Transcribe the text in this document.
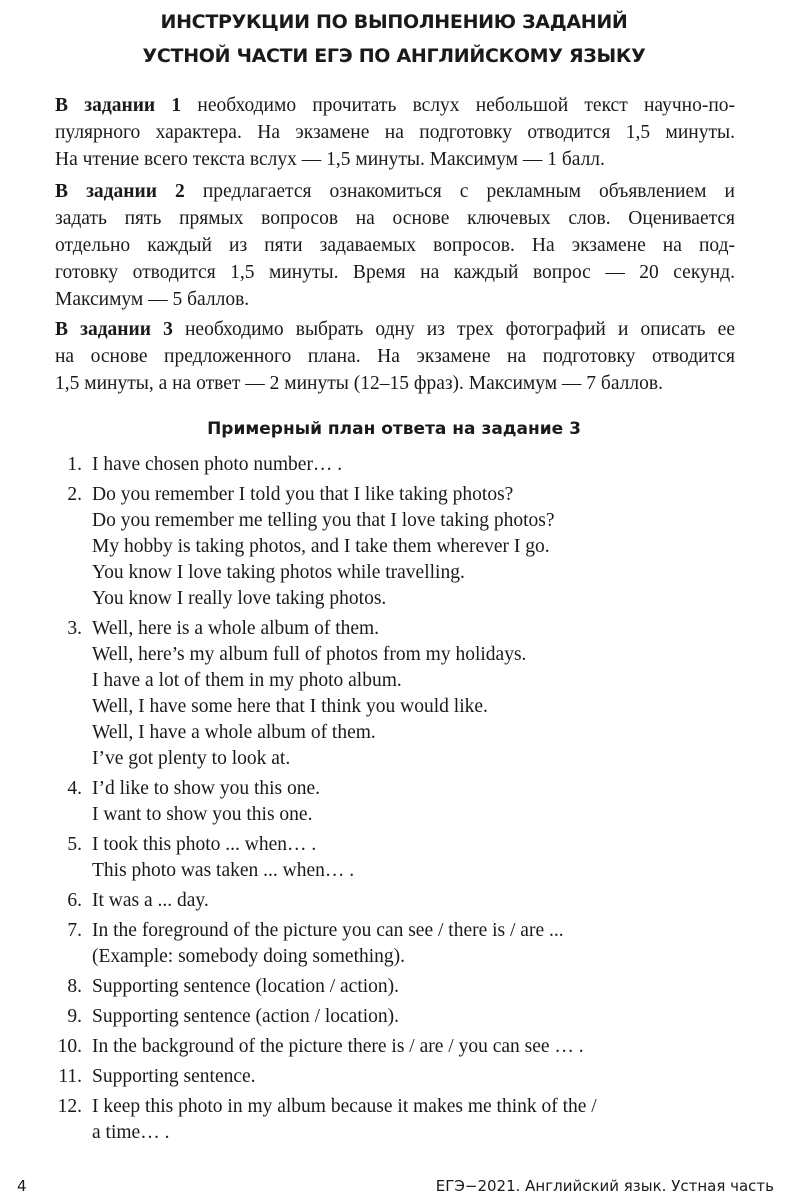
ИНСТРУКЦИИ ПО ВЫПОЛНЕНИЮ ЗАДАНИЙ
УСТНОЙ ЧАСТИ ЕГЭ ПО АНГЛИЙСКОМУ ЯЗЫКУ
В задании 1 необходимо прочитать вслух небольшой текст научно-по-
пулярного характера. На экзамене на подготовку отводится 1,5 минуты.
На чтение всего текста вслух — 1,5 минуты. Максимум — 1 балл.
В задании 2 предлагается ознакомиться с рекламным объявлением и
задать пять прямых вопросов на основе ключевых слов. Оценивается
отдельно каждый из пяти задаваемых вопросов. На экзамене на под-
готовку отводится 1,5 минуты. Время на каждый вопрос — 20 секунд.
Максимум — 5 баллов.
В задании 3 необходимо выбрать одну из трех фотографий и описать ее
на основе предложенного плана. На экзамене на подготовку отводится
1,5 минуты, а на ответ — 2 минуты (12–15 фраз). Максимум — 7 баллов.
Примерный план ответа на задание 3
1. I have chosen photo number… .
2. Do you remember I told you that I like taking photos?
Do you remember me telling you that I love taking photos?
My hobby is taking photos, and I take them wherever I go.
You know I love taking photos while travelling.
You know I really love taking photos.
3. Well, here is a whole album of them.
Well, here’s my album full of photos from my holidays.
I have a lot of them in my photo album.
Well, I have some here that I think you would like.
Well, I have a whole album of them.
I’ve got plenty to look at.
4. I’d like to show you this one.
I want to show you this one.
5. I took this photo ... when… .
This photo was taken ... when… .
6. It was a ... day.
7. In the foreground of the picture you can see / there is / are ...
(Example: somebody doing something).
8. Supporting sentence (location / action).
9. Supporting sentence (action / location).
10. In the background of the picture there is / are / you can see … .
11. Supporting sentence.
12. I keep this photo in my album because it makes me think of the /
a time… .
4	ЕГЭ−2021. Английский язык. Устная часть
